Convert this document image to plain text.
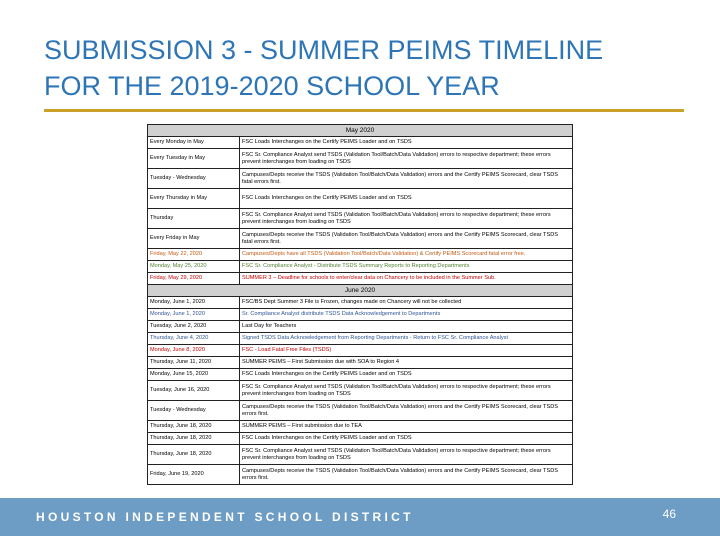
SUBMISSION 3 - SUMMER PEIMS TIMELINE
FOR THE 2019-2020 SCHOOL YEAR
May 2020	
Every Monday in May	FSC Loads Interchanges on the Certify PEIMS Loader and on TSDS
Every Tuesday in May	FSC Sr. Compliance Analyst send TSDS (Validation Tool/Batch/Data Validation) errors to respective department; these errors prevent interchanges from loading on TSDS
Tuesday - Wednesday	Campuses/Depts receive the TSDS (Validation Tool/Batch/Data Validation) errors and the Certify PEIMS Scorecard, clear TSDS fatal errors first.
Every Thursday in May	FSC Loads Interchanges on the Certify PEIMS Loader and on TSDS
Thursday	FSC Sr. Compliance Analyst send TSDS (Validation Tool/Batch/Data Validation) errors to respective department; these errors prevent interchanges from loading on TSDS
Every Friday in May	Campuses/Depts receive the TSDS (Validation Tool/Batch/Data Validation) errors and the Certify PEIMS Scorecard, clear TSDS fatal errors first.
Friday, May 22, 2020	Campuses/Depts have all TSDS (Validation Tool/Batch/Data Validation) & Certify PEIMS Scorecard fatal error free.
Monday, May 25, 2020	FSC Sr. Compliance Analyst - Distribute TSDS Summary Reports to Reporting Departments
Friday, May 29, 2020	SUMMER 3 – Deadline for schools to enter/clear data on Chancery to be included in the Summer Sub.
June 2020	
Monday, June 1, 2020	FSC/BS Dept Summer 3 File is Frozen, changes made on Chancery will not be collected
Monday, June 1, 2020	Sr. Compliance Analyst distribute TSDS Data Acknowledgement to Departments
Tuesday, June 2, 2020	Last Day for Teachers
Thursday, June 4, 2020	Signed TSDS Data Acknowledgement from Reporting Departments - Return to FSC Sr. Compliance Analyst
Monday, June 8, 2020	FSC - Load Fatal Free Files (TSDS)
Thursday, June 11, 2020	SUMMER PEIMS – First Submission due with SOA to Region 4
Monday, June 15, 2020	FSC Loads Interchanges on the Certify PEIMS Loader and on TSDS
Tuesday, June 16, 2020	FSC Sr. Compliance Analyst send TSDS (Validation Tool/Batch/Data Validation) errors to respective department; these errors prevent interchanges from loading on TSDS
Tuesday - Wednesday	Campuses/Depts receive the TSDS (Validation Tool/Batch/Data Validation) errors and the Certify PEIMS Scorecard, clear TSDS errors first.
Thursday, June 18, 2020	SUMMER PEIMS – First submission due to TEA
Thursday, June 18, 2020	FSC Loads Interchanges on the Certify PEIMS Loader and on TSDS
Thursday, June 18, 2020	FSC Sr. Compliance Analyst send TSDS (Validation Tool/Batch/Data Validation) errors to respective department; these errors prevent interchanges from loading on TSDS
Friday, June 19, 2020	Campuses/Depts receive the TSDS (Validation Tool/Batch/Data Validation) errors and the Certify PEIMS Scorecard, clear TSDS errors first.
HOUSTON INDEPENDENT SCHOOL DISTRICT	46
